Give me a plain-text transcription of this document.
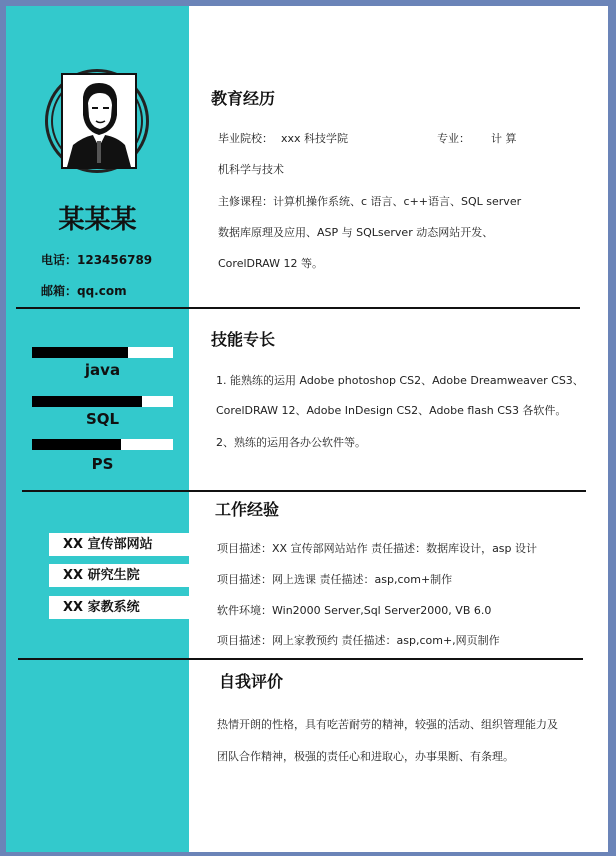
某某某
电话：123456789
邮箱：qq.com
java
SQL
PS
XX 宣传部网站
XX 研究生院
XX 家教系统
教育经历
毕业院校： xxx 科技学院	专业： 计 算
机科学与技术
主修课程：计算机操作系统、c 语言、c++语言、SQL server
数据库原理及应用、ASP 与 SQLserver 动态网站开发、
CorelDRAW 12 等。
技能专长
1. 能熟练的运用 Adobe photoshop CS2、Adobe Dreamweaver CS3、
CorelDRAW 12、Adobe InDesign CS2、Adobe flash CS3 各软件。
2、熟练的运用各办公软件等。
工作经验
项目描述：XX 宣传部网站站作 责任描述：数据库设计，asp 设计
项目描述：网上选课 责任描述：asp,com+制作
软件环境：Win2000 Server,Sql Server2000, VB 6.0
项目描述：网上家教预约 责任描述：asp,com+,网页制作
自我评价
热情开朗的性格，具有吃苦耐劳的精神，较强的活动、组织管理能力及
团队合作精神，极强的责任心和进取心，办事果断、有条理。
